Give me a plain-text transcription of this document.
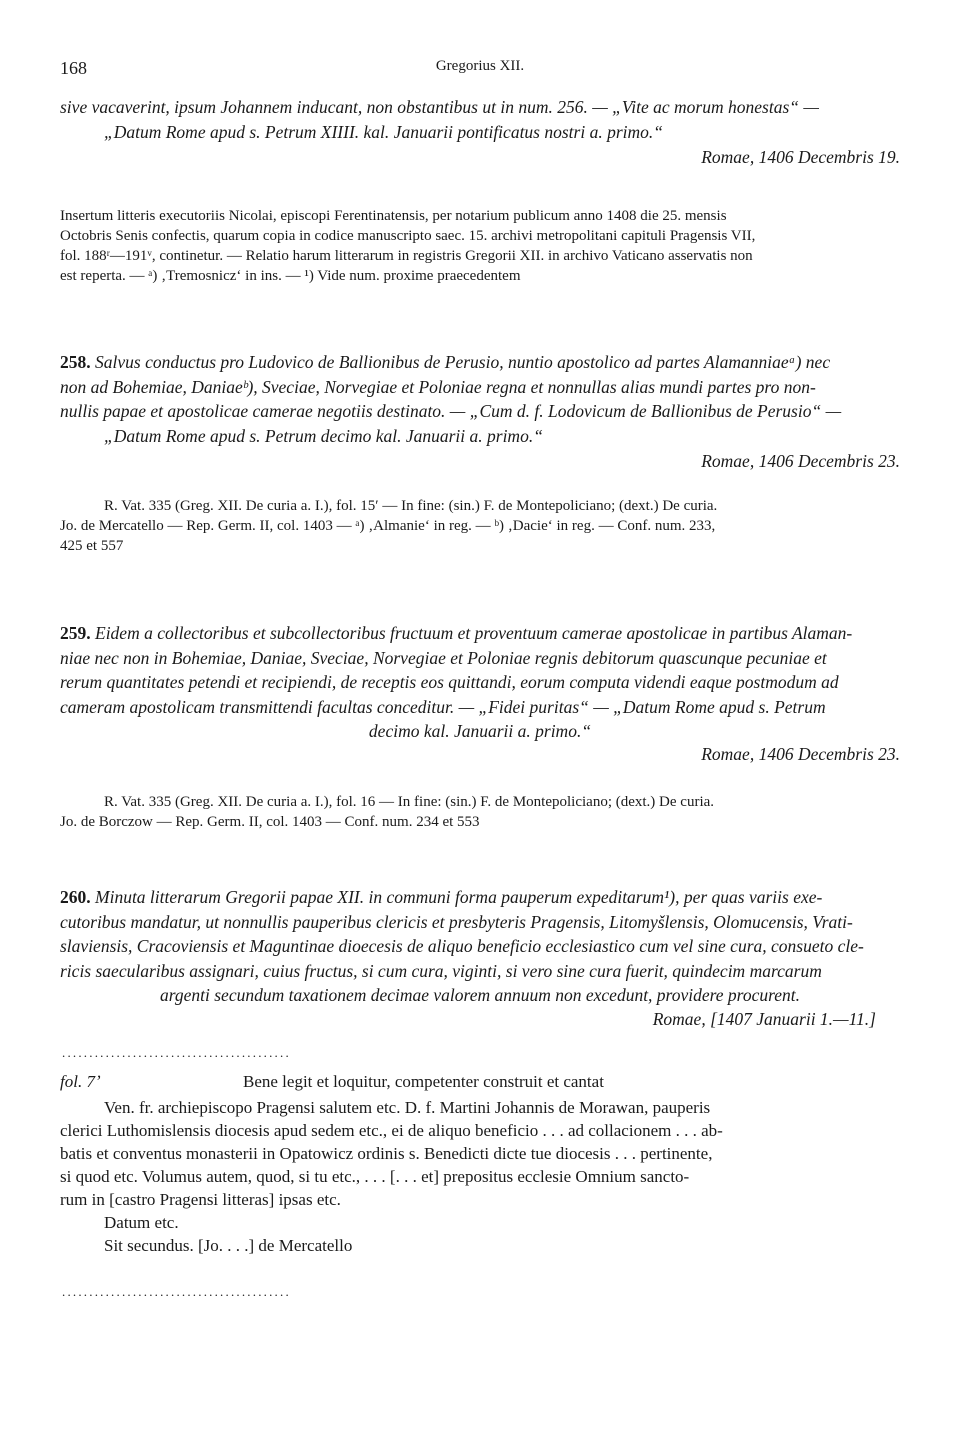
168	Gregorius XII.
sive vacaverint, ipsum Johannem inducant, non obstantibus ut in num. 256. — „Vite ac morum honestas“ —
„Datum Rome apud s. Petrum XIIII. kal. Januarii pontificatus nostri a. primo.“
Romae, 1406 Decembris 19.
Insertum litteris executoriis Nicolai, episcopi Ferentinatensis, per notarium publicum anno 1408 die 25. mensis
Octobris Senis confectis, quarum copia in codice manuscripto saec. 15. archivi metropolitani capituli Pragensis VII,
fol. 188ʳ—191ᵛ, continetur. — Relatio harum litterarum in registris Gregorii XII. in archivo Vaticano asservatis non
est reperta. — ᵃ) ‚Tremosnicz‘ in ins. — ¹) Vide num. proxime praecedentem
258. Salvus conductus pro Ludovico de Ballionibus de Perusio, nuntio apostolico ad partes Alamanniaeᵃ) nec
non ad Bohemiae, Daniaeᵇ), Sveciae, Norvegiae et Poloniae regna et nonnullas alias mundi partes pro non-
nullis papae et apostolicae camerae negotiis destinato. — „Cum d. f. Lodovicum de Ballionibus de Perusio“ —
„Datum Rome apud s. Petrum decimo kal. Januarii a. primo.“
Romae, 1406 Decembris 23.
R. Vat. 335 (Greg. XII. De curia a. I.), fol. 15′ — In fine: (sin.) F. de Montepoliciano; (dext.) De curia.
Jo. de Mercatello — Rep. Germ. II, col. 1403 — ᵃ) ‚Almanie‘ in reg. — ᵇ) ‚Dacie‘ in reg. — Conf. num. 233,
425 et 557
259. Eidem a collectoribus et subcollectoribus fructuum et proventuum camerae apostolicae in partibus Alaman-
niae nec non in Bohemiae, Daniae, Sveciae, Norvegiae et Poloniae regnis debitorum quascunque pecuniae et
rerum quantitates petendi et recipiendi, de receptis eos quittandi, eorum computa videndi eaque postmodum ad
cameram apostolicam transmittendi facultas conceditur. — „Fidei puritas“ — „Datum Rome apud s. Petrum
decimo kal. Januarii a. primo.“
Romae, 1406 Decembris 23.
R. Vat. 335 (Greg. XII. De curia a. I.), fol. 16 — In fine: (sin.) F. de Montepoliciano; (dext.) De curia.
Jo. de Borczow — Rep. Germ. II, col. 1403 — Conf. num. 234 et 553
260. Minuta litterarum Gregorii papae XII. in communi forma pauperum expeditarum¹), per quas variis exe-
cutoribus mandatur, ut nonnullis pauperibus clericis et presbyteris Pragensis, Litomyšlensis, Olomucensis, Vrati-
slaviensis, Cracoviensis et Maguntinae dioecesis de aliquo beneficio ecclesiastico cum vel sine cura, consueto cle-
ricis saecularibus assignari, cuius fructus, si cum cura, viginti, si vero sine cura fuerit, quindecim marcarum
argenti secundum taxationem decimae valorem annuum non excedunt, providere procurent.
Romae, [1407 Januarii 1.—11.]
..........................................
fol. 7ʼ	Bene legit et loquitur, competenter construit et cantat
Ven. fr. archiepiscopo Pragensi salutem etc. D. f. Martini Johannis de Morawan, pauperis
clerici Luthomislensis diocesis apud sedem etc., ei de aliquo beneficio . . . ad collacionem . . . ab-
batis et conventus monasterii in Opatowicz ordinis s. Benedicti dicte tue diocesis . . . pertinente,
si quod etc. Volumus autem, quod, si tu etc., . . . [. . . et] prepositus ecclesie Omnium sancto-
rum in [castro Pragensi litteras] ipsas etc.
Datum etc.
Sit secundus. [Jo. . . .] de Mercatello
..........................................
